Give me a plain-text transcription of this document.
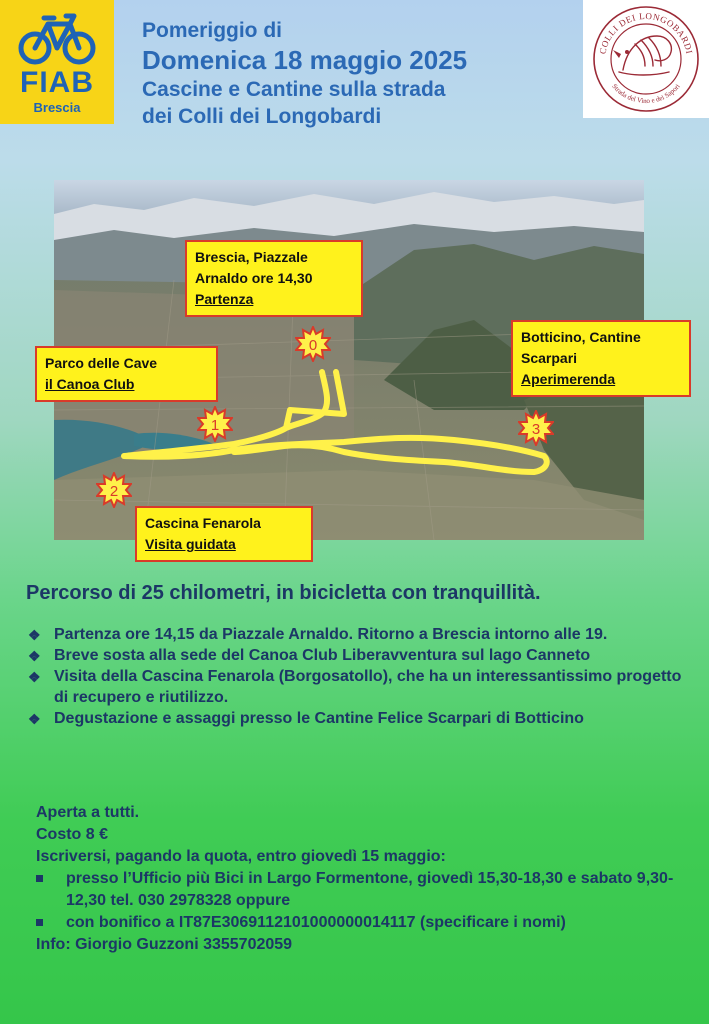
FIAB
Brescia
Pomeriggio di
Domenica 18 maggio 2025
Cascine e Cantine sulla strada
dei Colli dei Longobardi
COLLI DEI LONGOBARDI
Strada del Vino e dei Sapori
0
1
2
3
Brescia, Piazzale
Arnaldo ore 14,30
Partenza
Parco delle Cave
il Canoa Club
Botticino, Cantine
Scarpari
Aperimerenda
Cascina Fenarola
Visita guidata
Percorso di 25 chilometri, in bicicletta con tranquillità.
❖ Partenza ore 14,15 da Piazzale Arnaldo. Ritorno a Brescia intorno alle 19.
❖ Breve sosta alla sede del Canoa Club Liberavventura sul lago Canneto
❖ Visita della Cascina Fenarola (Borgosatollo), che ha un interessantissimo progetto di recupero e riutilizzo.
❖ Degustazione e assaggi presso le Cantine Felice Scarpari di Botticino
Aperta a tutti.
Costo 8 €
Iscriversi, pagando la quota, entro giovedì 15 maggio:
presso l’Ufficio più Bici in Largo Formentone, giovedì 15,30-18,30 e sabato 9,30-12,30 tel. 030 2978328 oppure
con bonifico a IT87E3069112101000000014117 (specificare i nomi)
Info: Giorgio Guzzoni 3355702059
